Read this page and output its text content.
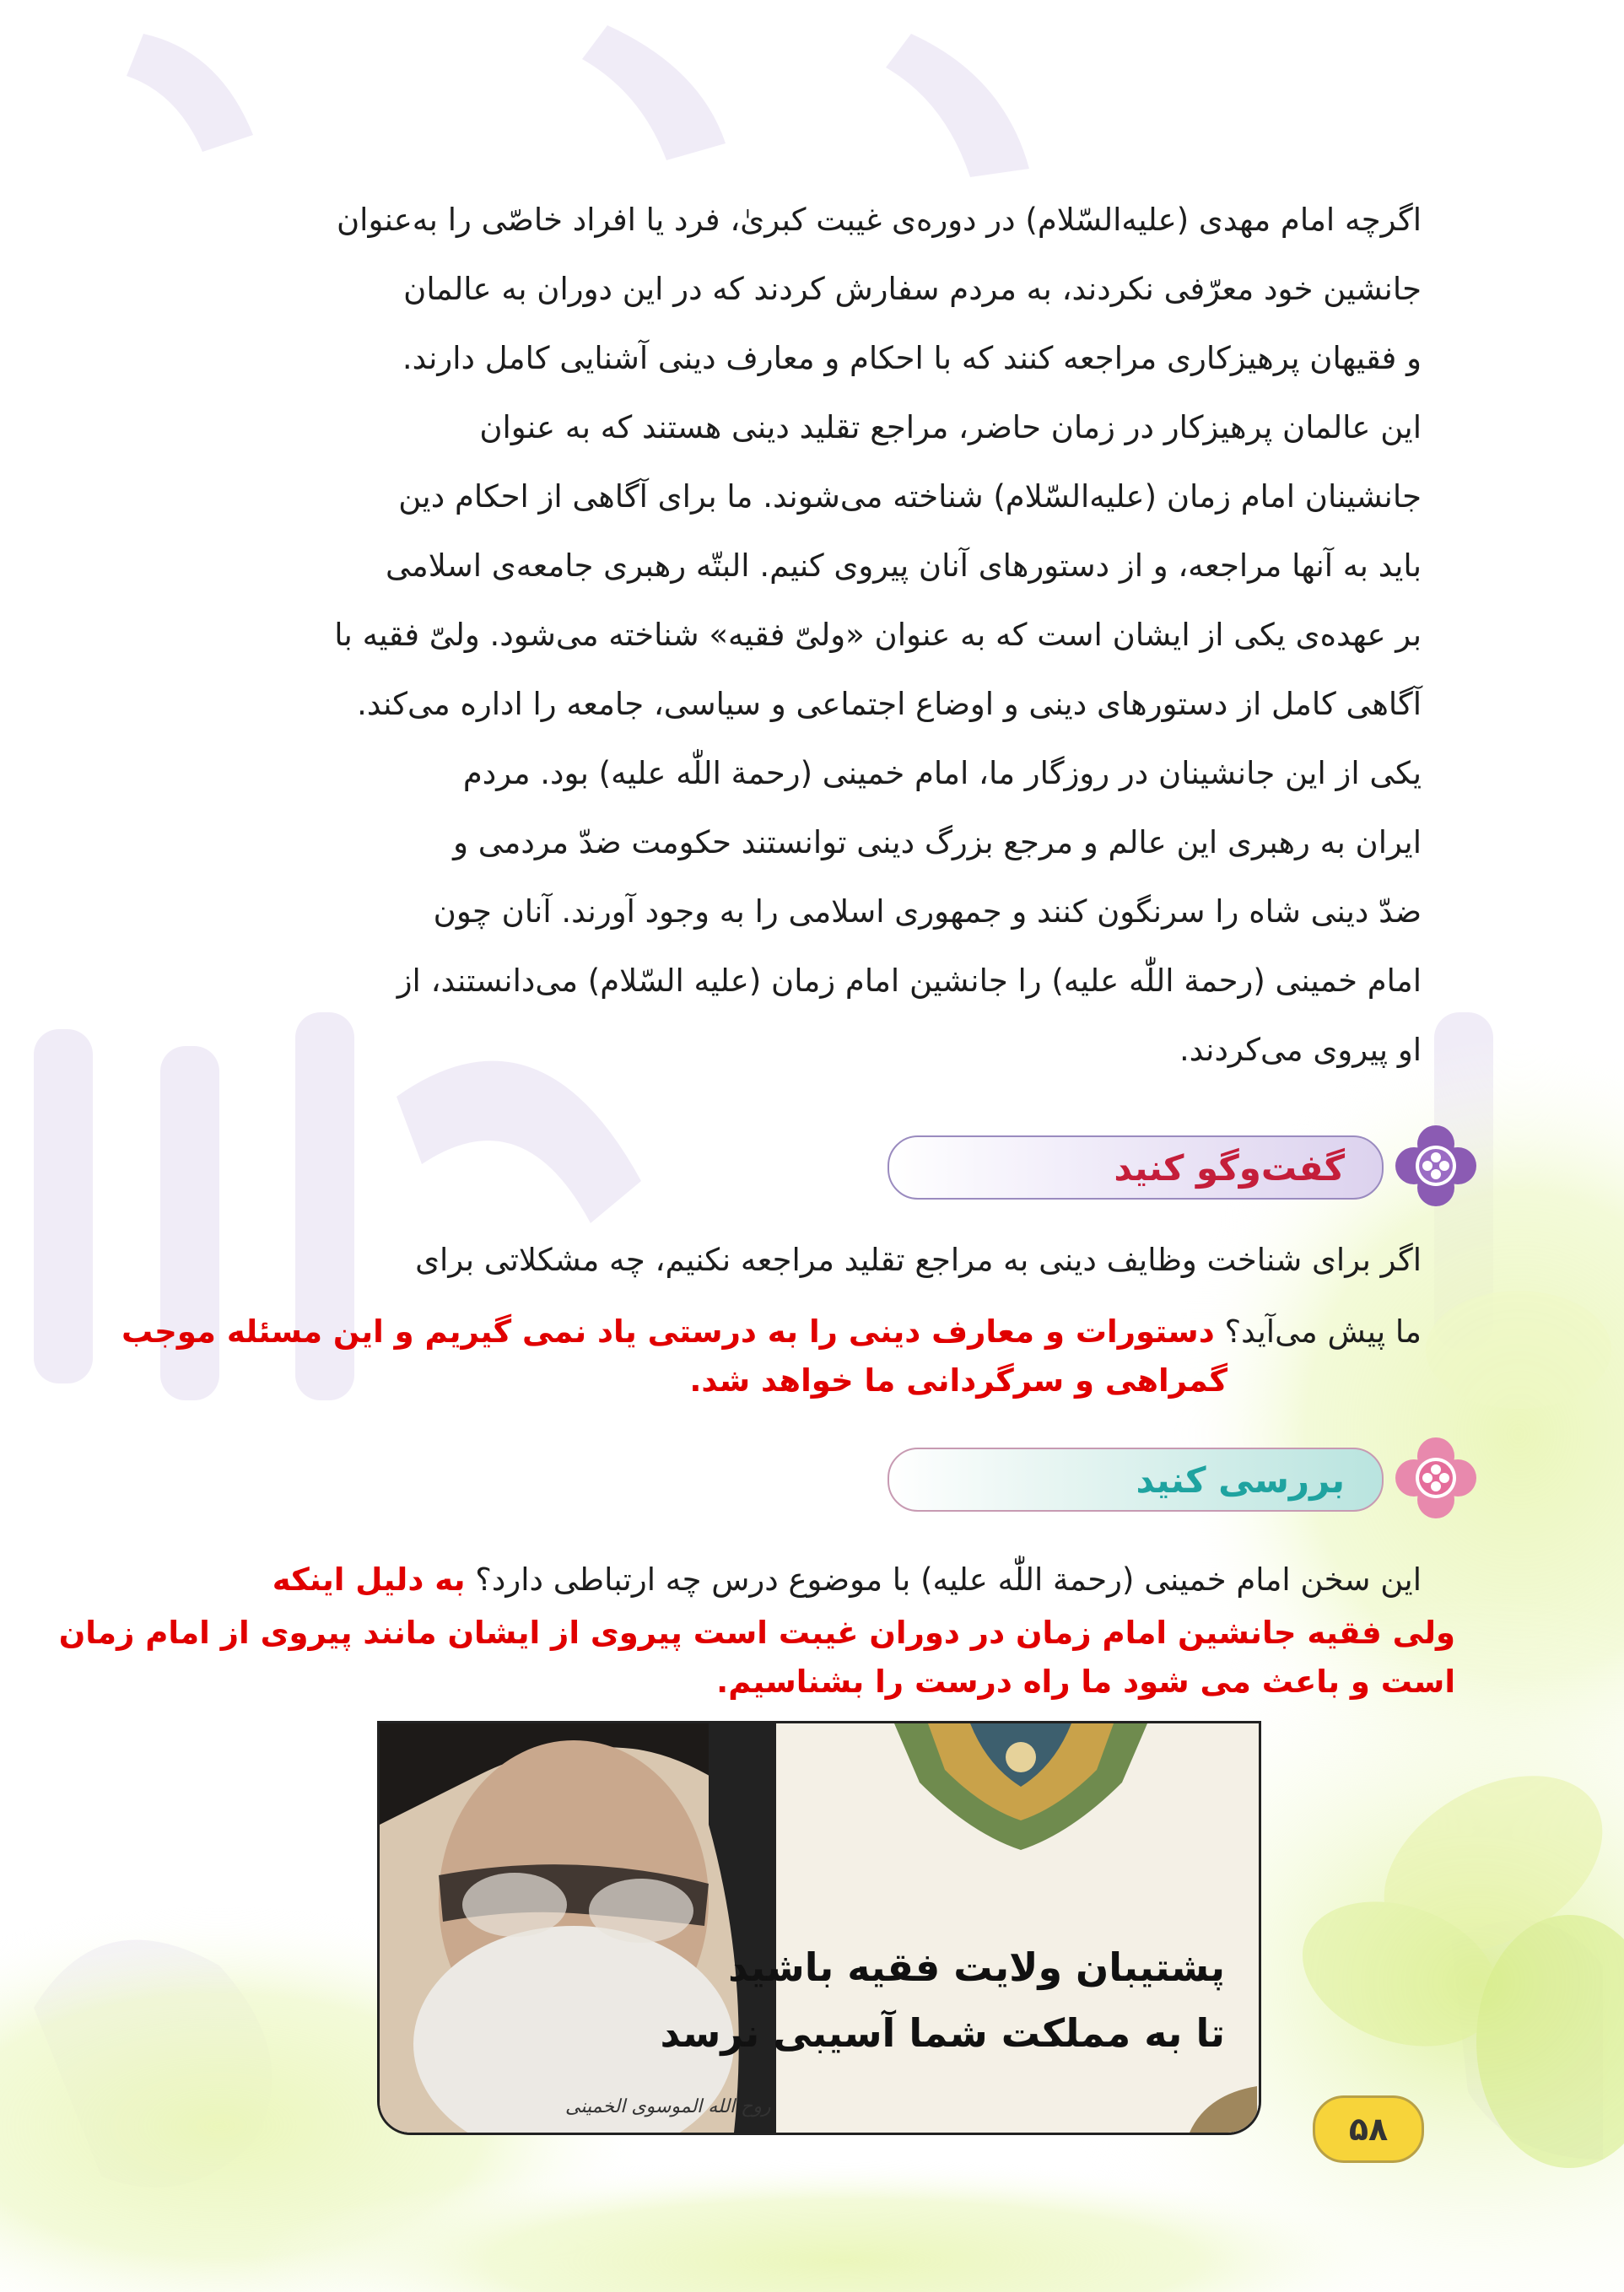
اگرچه امام مهدی (علیه‌السّلام) در دوره‌ی غیبت کبریٰ، فرد یا افراد خاصّی را به‌عنوان

جانشین خود معرّفی نکردند، به مردم سفارش کردند که در این دوران به عالمان

و فقیهان پرهیزکاری مراجعه کنند که با احکام و معارف دینی آشنایی کامل دارند.

این عالمان پرهیزکار در زمان حاضر، مراجع تقلید دینی هستند که به عنوان

جانشینان امام زمان (علیه‌السّلام) شناخته می‌شوند. ما برای آگاهی از احکام دین

باید به آنها مراجعه، و از دستورهای آنان پیروی کنیم. البتّه رهبری جامعه‌ی اسلامی

بر عهده‌ی یکی از ایشان است که به عنوان «ولیّ فقیه» شناخته می‌شود. ولیّ فقیه با

آگاهی کامل از دستورهای دینی و اوضاع اجتماعی و سیاسی، جامعه را اداره می‌کند.

یکی از این جانشینان در روزگار ما، امام خمینی (رحمة اللّٰه علیه) بود. مردم

ایران به رهبری این عالم و مرجع بزرگ دینی توانستند حکومت ضدّ مردمی و

ضدّ دینی شاه را سرنگون کنند و جمهوری اسلامی را به وجود آورند. آنان چون

امام خمینی (رحمة اللّٰه علیه) را جانشین امام زمان (علیه السّلام) می‌دانستند، از

او پیروی می‌کردند.

گفت‌وگو کنید
اگر برای شناخت وظایف دینی به مراجع تقلید مراجعه نکنیم، چه مشکلاتی برای
ما پیش می‌آید؟ دستورات و معارف دینی را به درستی یاد نمی گیریم و این مسئله موجب
گمراهی و سرگردانی ما خواهد شد.
بررسی کنید
این سخن امام خمینی (رحمة اللّٰه علیه) با موضوع درس چه ارتباطی دارد؟ به دلیل اینکه
ولی فقیه جانشین امام زمان در دوران غیبت است پیروی از ایشان مانند پیروی از امام زمان
است و باعث می شود ما راه درست را بشناسیم.
پشتیبان ولایت فقیه باشید
تا به مملکت شما آسیبی نرسد
روح الله الموسوی الخمینی
۵۸
